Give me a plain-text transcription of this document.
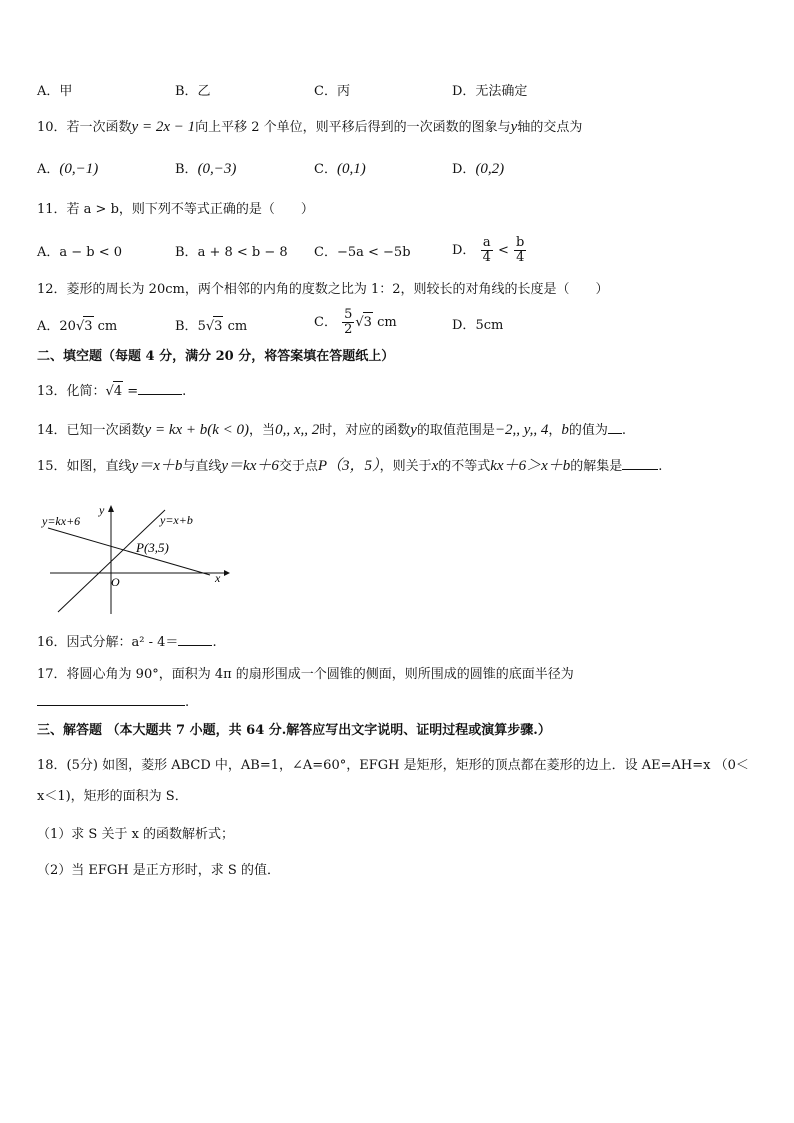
A．甲	B．乙	C．丙	D．无法确定
10．若一次函数y = 2x − 1向上平移 2 个单位，则平移后得到的一次函数的图象与y轴的交点为
A．(0,−1)	B．(0,−3)	C．(0,1)	D．(0,2)
11．若 a > b，则下列不等式正确的是（　　）
A．a − b < 0	B．a + 8 < b − 8 C．−5a < −5b	D． $\frac{a}{4} < \frac{b}{4}$
12．菱形的周长为 20cm，两个相邻的内角的度数之比为 1：2，则较长的对角线的长度是（　　）
A．20√3 cm	B．5√3 cm	C． $\frac{5}{2} √3$ cm	D．5cm
二、填空题（每题 4 分，满分 20 分，将答案填在答题纸上）
13．化简：√4 =	.
14．已知一次函数y = kx + b(k < 0)，当0,, x,, 2时，对应的函数y的取值范围是−2,, y,, 4，b的值为 .
15．如图，直线y＝x＋b与直线y＝kx＋6交于点P（3，5），则关于x的不等式kx＋6＞x＋b的解集是	.
y=kx+6	y=x+b
P(3,5)
O	x
y
16．因式分解：a² - 4＝	.
17．将圆心角为 90°，面积为 4π 的扇形围成一个圆锥的侧面，则所围成的圆锥的底面半径为
.
三、解答题 （本大题共 7 小题，共 64 分.解答应写出文字说明、证明过程或演算步骤.）
18．(5分) 如图，菱形 ABCD 中，AB=1，∠A=60°，EFGH 是矩形，矩形的顶点都在菱形的边上．设 AE=AH=x （0＜
x＜1)，矩形的面积为 S．
（1）求 S 关于 x 的函数解析式；
（2）当 EFGH 是正方形时，求 S 的值．
